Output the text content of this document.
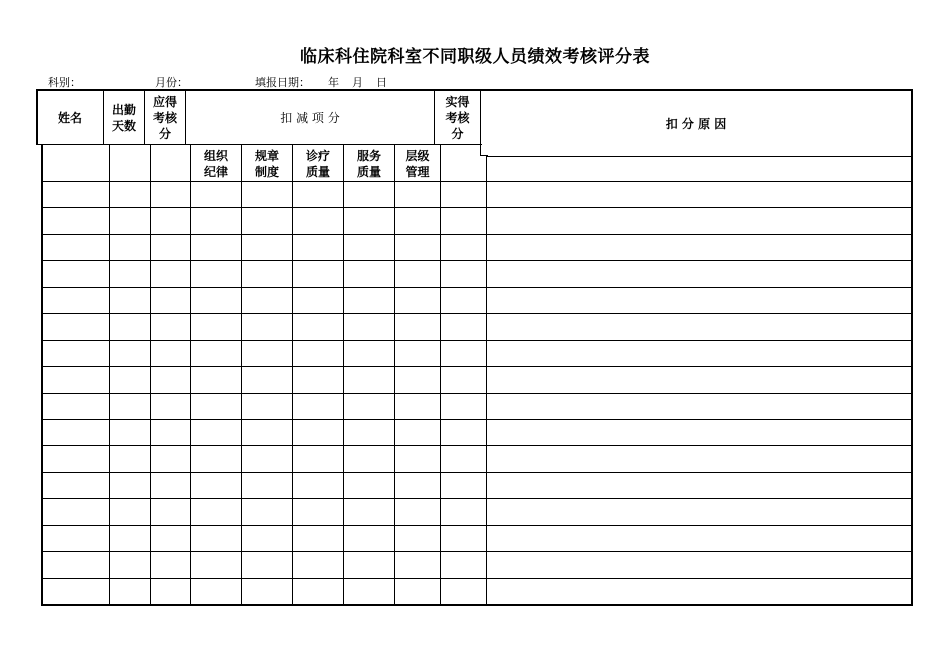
临床科住院科室不同职级人员绩效考核评分表
科别：	月份：	填报日期： 年 月 日
姓名
出勤
天数
应得
考核
分
扣 减 项 分
实得
考核
分
扣 分 原 因
组织
纪律
规章
制度
诊疗
质量
服务
质量
层级
管理
